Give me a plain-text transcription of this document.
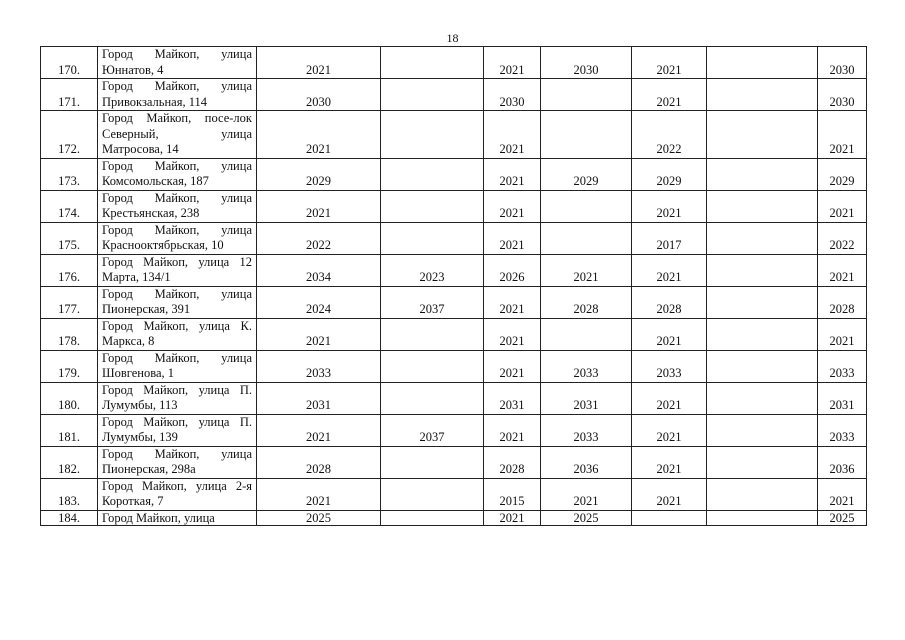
18
170.	Город Майкоп, улица Юннатов, 4	2021		2021	2030	2021		2030
171.	Город Майкоп, улица Привокзальная, 114	2030		2030		2021		2030
172.	Город Майкоп, посе-лок Северный, улица Матросова, 14	2021		2021		2022		2021
173.	Город Майкоп, улица Комсомольская, 187	2029		2021	2029	2029		2029
174.	Город Майкоп, улица Крестьянская, 238	2021		2021		2021		2021
175.	Город Майкоп, улица Краснооктябрьская, 10	2022		2021		2017		2022
176.	Город Майкоп, улица 12 Марта, 134/1	2034	2023	2026	2021	2021		2021
177.	Город Майкоп, улица Пионерская, 391	2024	2037	2021	2028	2028		2028
178.	Город Майкоп, улица К. Маркса, 8	2021		2021		2021		2021
179.	Город Майкоп, улица Шовгенова, 1	2033		2021	2033	2033		2033
180.	Город Майкоп, улица П. Лумумбы, 113	2031		2031	2031	2021		2031
181.	Город Майкоп, улица П. Лумумбы, 139	2021	2037	2021	2033	2021		2033
182.	Город Майкоп, улица Пионерская, 298а	2028		2028	2036	2021		2036
183.	Город Майкоп, улица 2-я Короткая, 7	2021		2015	2021	2021		2021
184.	Город Майкоп, улица	2025		2021	2025			2025
